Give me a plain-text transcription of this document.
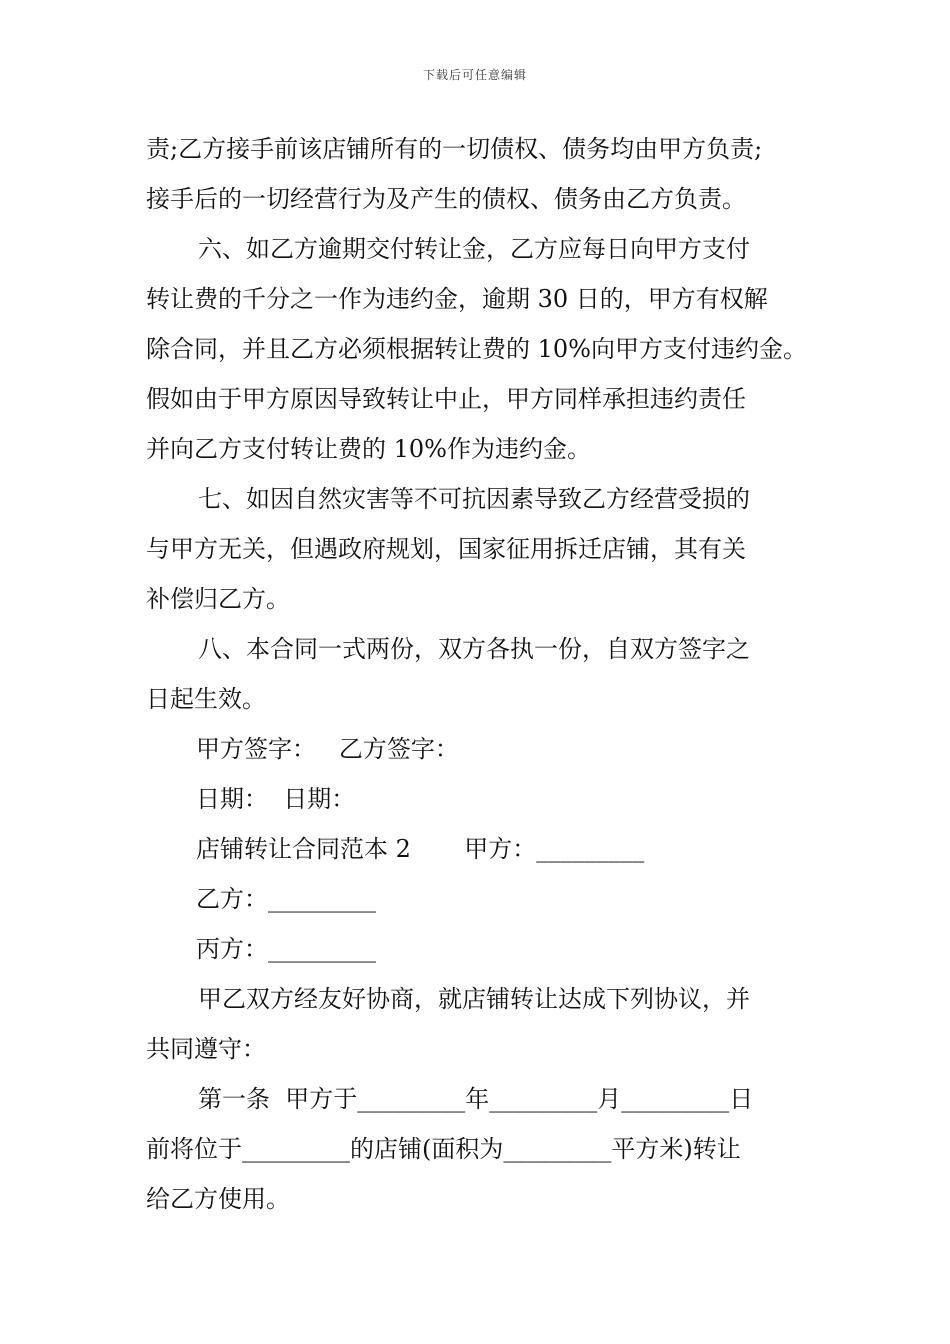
下载后可任意编辑

责;乙方接手前该店铺所有的一切债权、债务均由甲方负责;

接手后的一切经营行为及产生的债权、债务由乙方负责。

六、如乙方逾期交付转让金，乙方应每日向甲方支付

转让费的千分之一作为违约金，逾期 30 日的，甲方有权解

除合同，并且乙方必须根据转让费的 10%向甲方支付违约金。

假如由于甲方原因导致转让中止，甲方同样承担违约责任

并向乙方支付转让费的 10%作为违约金。

七、如因自然灾害等不可抗因素导致乙方经营受损的

与甲方无关，但遇政府规划，国家征用拆迁店铺，其有关

补偿归乙方。

八、本合同一式两份，双方各执一份，自双方签字之

日起生效。

甲方签字：   乙方签字：

日期：  日期：

店铺转让合同范本 2       甲方：_________

乙方：_________

丙方：_________

甲乙双方经友好协商，就店铺转让达成下列协议，并

共同遵守：

第一条  甲方于_________年_________月_________日

前将位于_________的店铺(面积为_________平方米)转让

给乙方使用。
